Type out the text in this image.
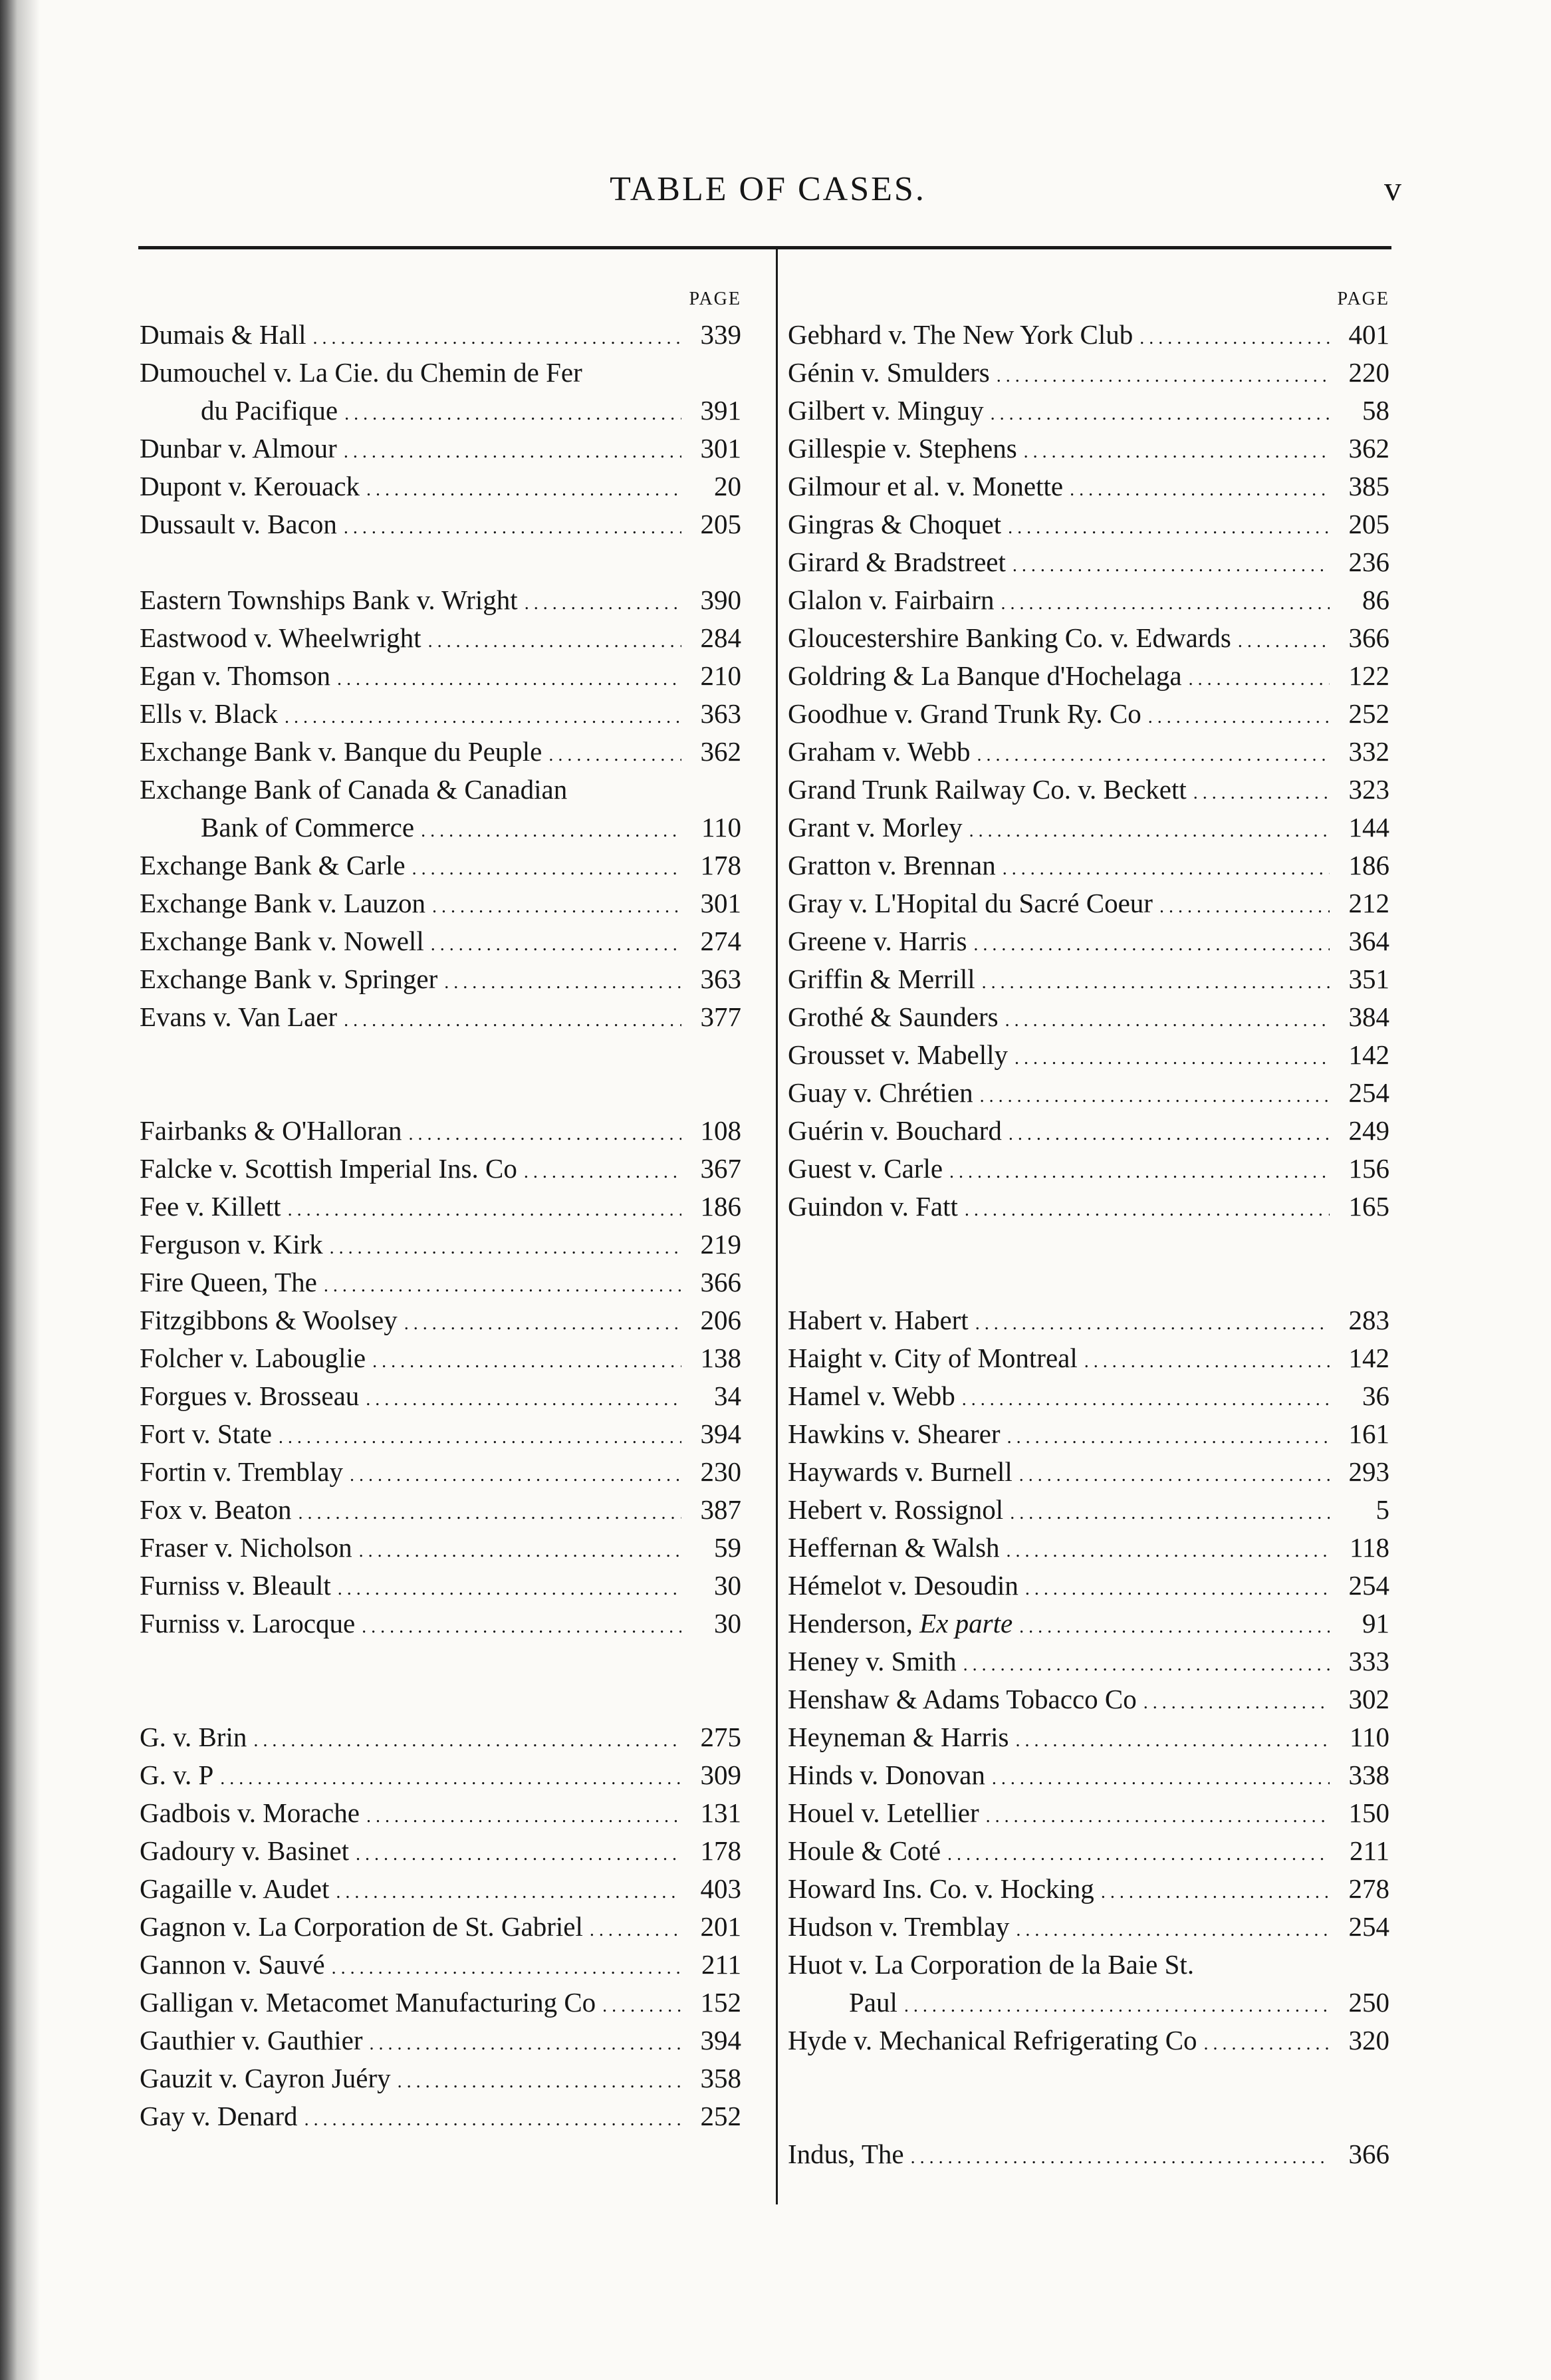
TABLE OF CASES.	v
PAGE
Dumais & Hall .....	339
Dumouchel v. La Cie. du Chemin de Fer
du Pacifique .....	391
Dunbar v. Almour .....	301
Dupont v. Kerouack .....	20
Dussault v. Bacon .....	205
Eastern Townships Bank v. Wright .....	390
Eastwood v. Wheelwright .....	284
Egan v. Thomson .....	210
Ells v. Black .....	363
Exchange Bank v. Banque du Peuple .....	362
Exchange Bank of Canada & Canadian
Bank of Commerce .....	110
Exchange Bank & Carle .....	178
Exchange Bank v. Lauzon .....	301
Exchange Bank v. Nowell .....	274
Exchange Bank v. Springer .....	363
Evans v. Van Laer .....	377
Fairbanks & O'Halloran .....	108
Falcke v. Scottish Imperial Ins. Co .....	367
Fee v. Killett .....	186
Ferguson v. Kirk .....	219
Fire Queen, The .....	366
Fitzgibbons & Woolsey .....	206
Folcher v. Labouglie .....	138
Forgues v. Brosseau .....	34
Fort v. State .....	394
Fortin v. Tremblay .....	230
Fox v. Beaton .....	387
Fraser v. Nicholson .....	59
Furniss v. Bleault .....	30
Furniss v. Larocque .....	30
G. v. Brin .....	275
G. v. P .....	309
Gadbois v. Morache .....	131
Gadoury v. Basinet .....	178
Gagaille v. Audet .....	403
Gagnon v. La Corporation de St. Gabriel .....	201
Gannon v. Sauvé .....	211
Galligan v. Metacomet Manufacturing Co .....	152
Gauthier v. Gauthier .....	394
Gauzit v. Cayron Juéry .....	358
Gay v. Denard .....	252
PAGE
Gebhard v. The New York Club .....	401
Génin v. Smulders .....	220
Gilbert v. Minguy .....	58
Gillespie v. Stephens .....	362
Gilmour et al. v. Monette .....	385
Gingras & Choquet .....	205
Girard & Bradstreet .....	236
Glalon v. Fairbairn .....	86
Gloucestershire Banking Co. v. Edwards .....	366
Goldring & La Banque d'Hochelaga .....	122
Goodhue v. Grand Trunk Ry. Co .....	252
Graham v. Webb .....	332
Grand Trunk Railway Co. v. Beckett .....	323
Grant v. Morley .....	144
Gratton v. Brennan .....	186
Gray v. L'Hopital du Sacré Coeur .....	212
Greene v. Harris .....	364
Griffin & Merrill .....	351
Grothé & Saunders .....	384
Grousset v. Mabelly .....	142
Guay v. Chrétien .....	254
Guérin v. Bouchard .....	249
Guest v. Carle .....	156
Guindon v. Fatt .....	165
Habert v. Habert .....	283
Haight v. City of Montreal .....	142
Hamel v. Webb .....	36
Hawkins v. Shearer .....	161
Haywards v. Burnell .....	293
Hebert v. Rossignol .....	5
Heffernan & Walsh .....	118
Hémelot v. Desoudin .....	254
Henderson, Ex parte .....	91
Heney v. Smith .....	333
Henshaw & Adams Tobacco Co .....	302
Heyneman & Harris .....	110
Hinds v. Donovan .....	338
Houel v. Letellier .....	150
Houle & Coté .....	211
Howard Ins. Co. v. Hocking .....	278
Hudson v. Tremblay .....	254
Huot v. La Corporation de la Baie St.
Paul .....	250
Hyde v. Mechanical Refrigerating Co .....	320
Indus, The .....	366
